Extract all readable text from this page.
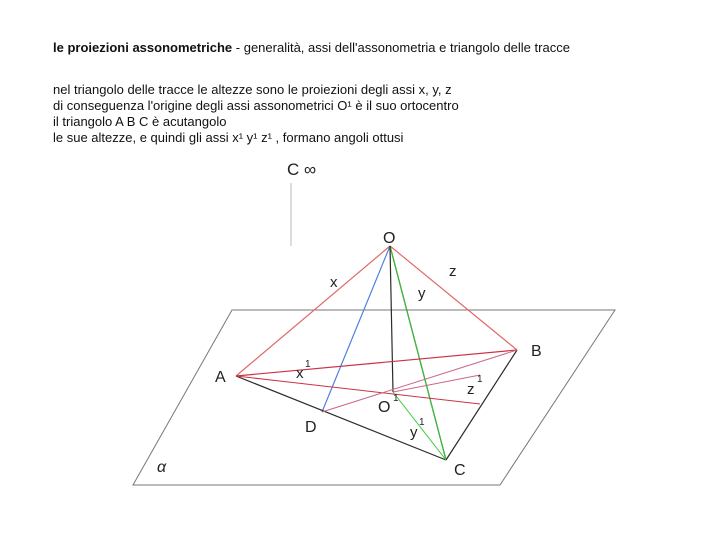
le proiezioni assonometriche - generalità, assi dell'assonometria e triangolo delle tracce
nel triangolo delle tracce le altezze sono le proiezioni degli assi x, y, z
di conseguenza l'origine degli assi assonometrici O¹ è il suo ortocentro
il triangolo A B C è acutangolo
le sue altezze, e quindi gli assi x¹ y¹ z¹ , formano angoli ottusi
C ∞
O
x
z
y
B
A	x
1
z
1
O
1
D	y
1
C
α
